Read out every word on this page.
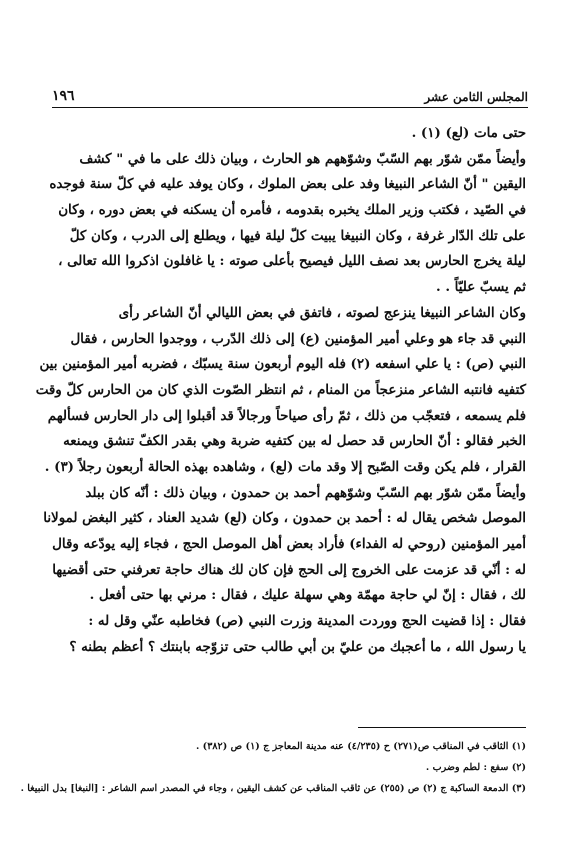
١٩٦	المجلس الثامن عشر
حتى مات (لع) (١) .
وأيضاً ممّن شوّر بهم السّبّ وشوّههم هو الحارث ، وبيان ذلك على ما في " كشف
اليقين " أنّ الشاعر النبيغا وفد على بعض الملوك ، وكان يوفد عليه في كلّ سنة فوجده
في الصّيد ، فكتب وزير الملك يخبره بقدومه ، فأمره أن يسكنه في بعض دوره ، وكان
على تلك الدّار غرفة ، وكان النبيغا يبيت كلّ ليلة فيها ، ويطلع إلى الدرب ، وكان كلّ
ليلة يخرج الحارس بعد نصف الليل فيصيح بأعلى صوته : يا غافلون اذكروا الله تعالى ،
ثم يسبّ عليّاً . .
وكان الشاعر النبيغا ينزعج لصوته ، فاتفق في بعض الليالي أنّ الشاعر رأى
النبي قد جاء هو وعلي أمير المؤمنين (ع) إلى ذلك الدّرب ، ووجدوا الحارس ، فقال
النبي (ص) : يا علي اسفعه (٢) فله اليوم أربعون سنة يسبّك ، فضربه أمير المؤمنين بين
كتفيه فانتبه الشاعر منزعجاً من المنام ، ثم انتظر الصّوت الذي كان من الحارس كلّ وقت
فلم يسمعه ، فتعجّب من ذلك ، ثمّ رأى صياحاً ورجالاً قد أقبلوا إلى دار الحارس فسألهم
الخبر فقالو : أنّ الحارس قد حصل له بين كتفيه ضربة وهي بقدر الكفّ تنشق ويمنعه
القرار ، فلم يكن وقت الصّبح إلا وقد مات (لع) ، وشاهده بهذه الحالة أربعون رجلاً (٣) .
وأيضاً ممّن شوّر بهم السّبّ وشوّههم أحمد بن حمدون ، وبيان ذلك : أنّه كان ببلد
الموصل شخص يقال له : أحمد بن حمدون ، وكان (لع) شديد العناد ، كثير البغض لمولانا
أمير المؤمنين (روحي له الفداء) فأراد بعض أهل الموصل الحج ، فجاء إليه يودّعه وقال
له : أنّي قد عزمت على الخروج إلى الحج فإن كان لك هناك حاجة تعرفني حتى أقضيها
لك ، فقال : إنّ لي حاجة مهمّة وهي سهلة عليك ، فقال : مرني بها حتى أفعل .
فقال : إذا قضيت الحج ووردت المدينة وزرت النبي (ص) فخاطبه عنّي وقل له :
يا رسول الله ، ما أعجبك من عليّ بن أبي طالب حتى تزوّجه بابنتك ؟ أعظم بطنه ؟
(١) الثاقب في المناقب ص(٢٧١) ح (٤/٢٣٥) عنه مدينة المعاجز ج (١) ص (٣٨٢) .
(٢) سفع : لطم وضرب .
(٣) الدمعة الساكبة ج (٢) ص (٢٥٥) عن ثاقب المناقب عن كشف اليقين ، وجاء في المصدر اسم الشاعر : [النبغا] بدل النبيغا .
